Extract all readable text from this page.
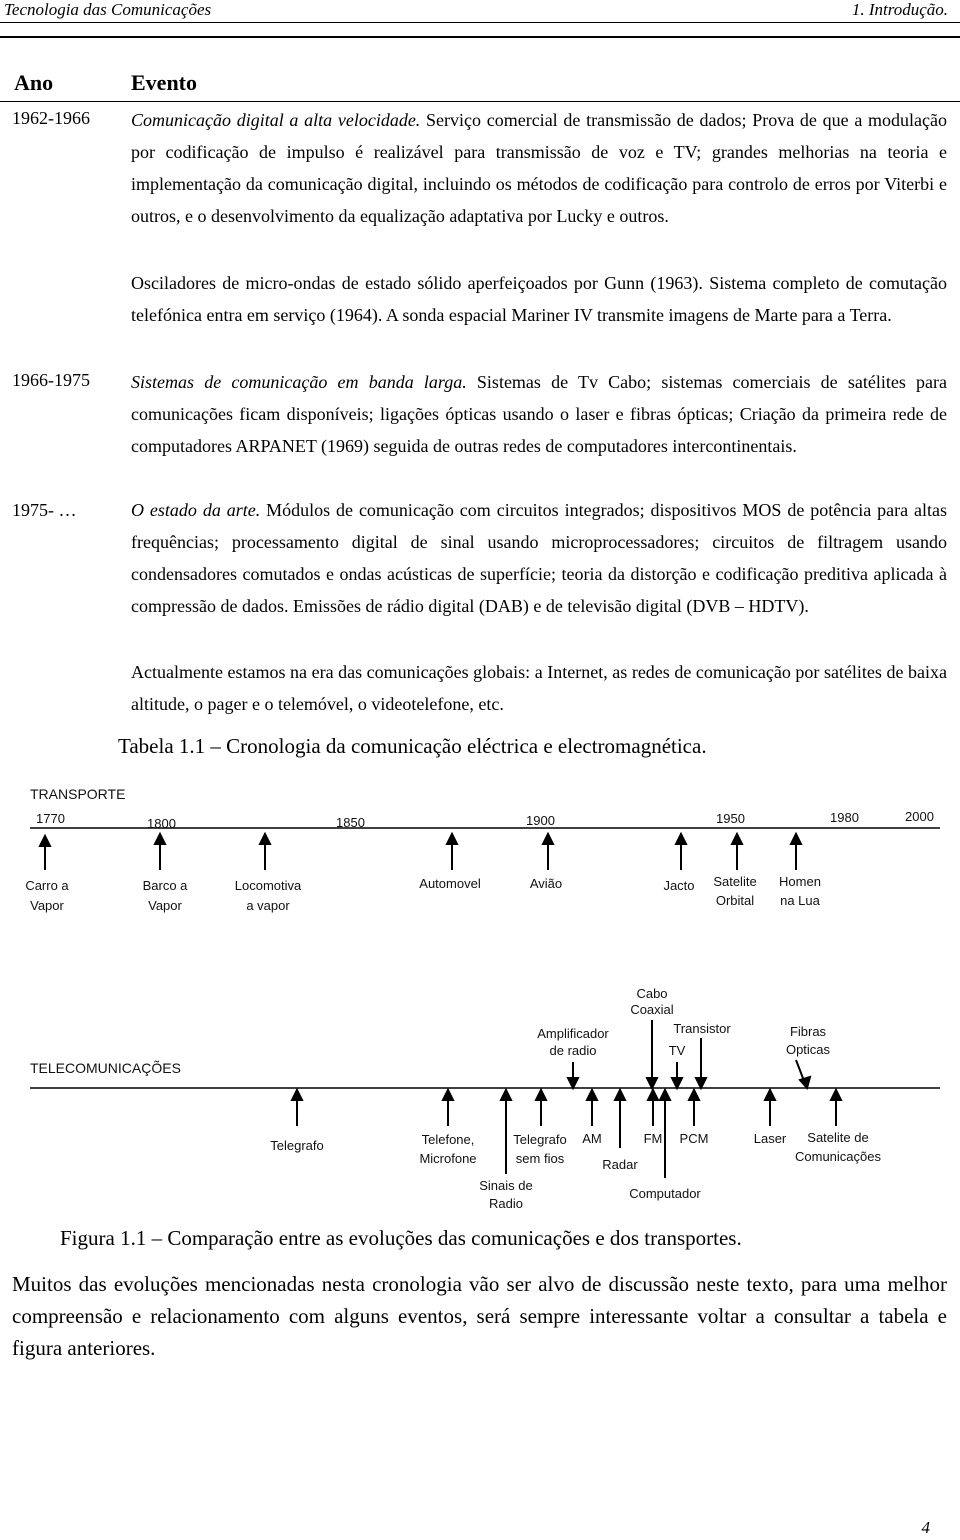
Tecnologia das Comunicações	1. Introdução.
Ano	Evento
1962-1966 Comunicação digital a alta velocidade. Serviço comercial de transmissão de dados; Prova de que a modulação por codificação de impulso é realizável para transmissão de voz e TV; grandes melhorias na teoria e implementação da comunicação digital, incluindo os métodos de codificação para controlo de erros por Viterbi e outros, e o desenvolvimento da equalização adaptativa por Lucky e outros.
Osciladores de micro-ondas de estado sólido aperfeiçoados por Gunn (1963). Sistema completo de comutação telefónica entra em serviço (1964). A sonda espacial Mariner IV transmite imagens de Marte para a Terra.
1966-1975 Sistemas de comunicação em banda larga. Sistemas de Tv Cabo; sistemas comerciais de satélites para comunicações ficam disponíveis; ligações ópticas usando o laser e fibras ópticas; Criação da primeira rede de computadores ARPANET (1969) seguida de outras redes de computadores intercontinentais.
1975- …	O estado da arte. Módulos de comunicação com circuitos integrados; dispositivos MOS de potência para altas frequências; processamento digital de sinal usando microprocessadores; circuitos de filtragem usando condensadores comutados e ondas acústicas de superfície; teoria da distorção e codificação preditiva aplicada à compressão de dados. Emissões de rádio digital (DAB) e de televisão digital (DVB – HDTV).
Actualmente estamos na era das comunicações globais: a Internet, as redes de comunicação por satélites de baixa altitude, o pager e o telemóvel, o videotelefone, etc.
Tabela 1.1 – Cronologia da comunicação eléctrica e electromagnética.
TRANSPORTE
1770	1800	1850	1900	1950	1980	2000
Carro a
Vapor
Barco a
Vapor
Locomotiva
a vapor
Automovel	Avião	Jacto Satelite
Orbital
Homen
na Lua
TELECOMUNICAÇÕES
Amplificador
de radio
Cabo
Coaxial
Transistor
TV
Fibras
Opticas
Telegrafo	Telefone,
Microfone
Telegrafo
sem fios
AM
Radar
FM PCM	Laser Satelite de
Comunicações
Sinais de
Radio
Computador
Figura 1.1 – Comparação entre as evoluções das comunicações e dos transportes.
Muitos das evoluções mencionadas nesta cronologia vão ser alvo de discussão neste texto, para uma melhor compreensão e relacionamento com alguns eventos, será sempre interessante voltar a consultar a tabela e figura anteriores.
4
